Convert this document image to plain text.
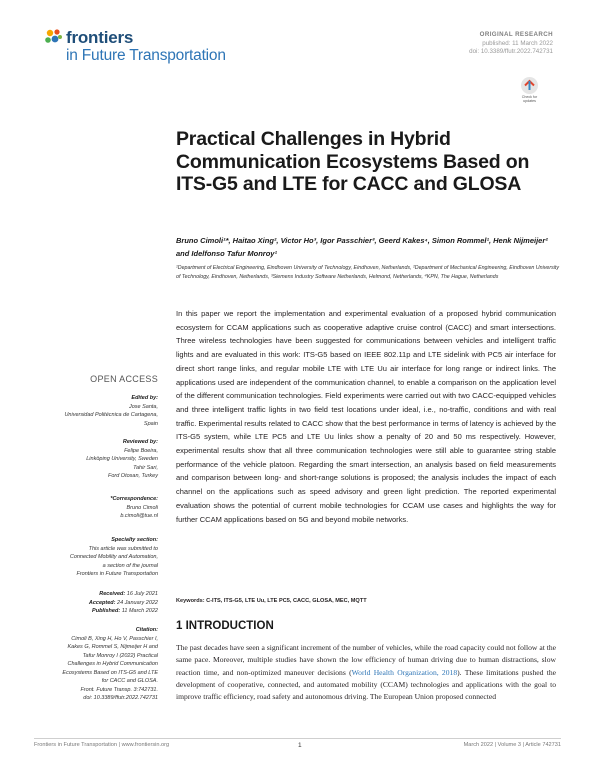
frontiers
in Future Transportation
ORIGINAL RESEARCH
published: 11 March 2022
doi: 10.3389/ffutr.2022.742731
Check for
updates
Practical Challenges in Hybrid Communication Ecosystems Based on ITS-G5 and LTE for CACC and GLOSA
Bruno Cimoli¹*, Haitao Xing², Victor Ho³, Igor Passchier³, Geerd Kakes⁴, Simon Rommel¹, Henk Nijmeijer² and Idelfonso Tafur Monroy¹
¹Department of Electrical Engineering, Eindhoven University of Technology, Eindhoven, Netherlands, ²Department of Mechanical Engineering, Eindhoven University of Technology, Eindhoven, Netherlands, ³Siemens Industry Software Netherlands, Helmond, Netherlands, ⁴KPN, The Hague, Netherlands

In this paper we report the implementation and experimental evaluation of a proposed hybrid communication ecosystem for CCAM applications such as cooperative adaptive cruise control (CACC) and smart intersections. Three wireless technologies have been suggested for communications between vehicles and intelligent traffic lights and are evaluated in this work: ITS-G5 based on IEEE 802.11p and LTE sidelink with PC5 air interface for direct short range links, and regular mobile LTE with LTE Uu air interface for long range or indirect links. The applications used are independent of the communication channel, to enable a comparison on the application level of the different communication technologies. Field experiments were carried out with two CACC-equipped vehicles and three intelligent traffic lights in two field test locations under ideal, i.e., no-traffic, conditions and with real traffic. Experimental results related to CACC show that the best performance in terms of latency is achieved by the ITS-G5 system, while LTE PC5 and LTE Uu links show a penalty of 20 and 50 ms respectively. However, experimental results show that all three communication technologies were still able to guarantee string stable performance of the vehicle platoon. Regarding the smart intersection, an analysis based on field measurements and comparison between long- and short-range solutions is proposed; the analysis includes the impact of each channel on the applications such as speed advisory and green light prediction. The reported experimental evaluation shows the potential of current mobile technologies for CCAM use cases and highlights the way for further CCAM applications based on 5G and beyond mobile networks.

Keywords: C-ITS, ITS-G5, LTE Uu, LTE PC5, CACC, GLOSA, MEC, MQTT
1 INTRODUCTION

The past decades have seen a significant increment of the number of vehicles, while the road capacity could not follow at the same pace. Moreover, multiple studies have shown the low efficiency of human driving due to human distractions, slow reaction time, and non-optimized maneuver decisions (World Health Organization, 2018). These limitations pushed the development of cooperative, connected, and automated mobility (CCAM) technologies and applications with the goal to improve traffic efficiency, road safety and autonomous driving. The European Union proposed connected

OPEN ACCESS
Edited by:
Jose Santa,
Universidad Politécnica de Cartagena,
Spain
Reviewed by:
Felipe Boeira,
Linköping University, Sweden
Tahir Sari,
Ford Otosan, Turkey
*Correspondence:
Bruno Cimoli
b.cimoli@tue.nl
Specialty section:
This article was submitted to
Connected Mobility and Automation,
a section of the journal
Frontiers in Future Transportation
Received: 16 July 2021
Accepted: 24 January 2022
Published: 11 March 2022
Citation:
Cimoli B, Xing H, Ho V, Passchier I,
Kakes G, Rommel S, Nijmeijer H and
Tafur Monroy I (2022) Practical
Challenges in Hybrid Communication
Ecosystems Based on ITS-G5 and LTE
for CACC and GLOSA.
Front. Future Transp. 3:742731.
doi: 10.3389/ffutr.2022.742731
Frontiers in Future Transportation | www.frontiersin.org	1	March 2022 | Volume 3 | Article 742731
